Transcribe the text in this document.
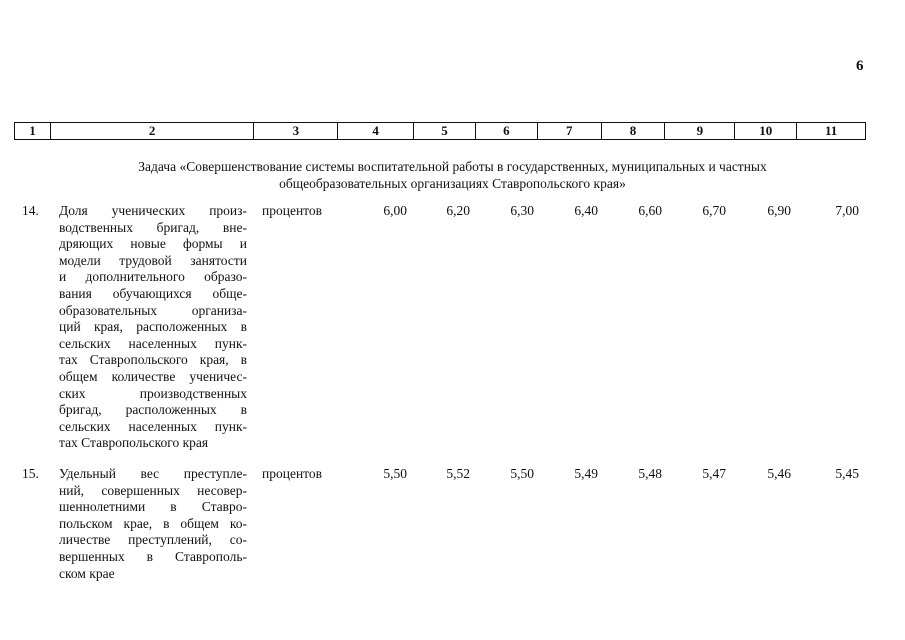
6
1	2	3	4	5	6	7	8	9	10	11
Задача «Совершенствование системы воспитательной работы в государственных, муниципальных и частных
общеобразовательных организациях Ставропольского края»
14. Доля ученических произ-
водственных бригад, вне-
дряющих новые формы и
модели трудовой занятости
и дополнительного образо-
вания обучающихся обще-
образовательных организа-
ций края, расположенных в
сельских населенных пунк-
тах Ставропольского края, в
общем количестве ученичес-
ских производственных
бригад, расположенных в
сельских населенных пунк-
тах Ставропольского края
процентов	6,00	6,20	6,30	6,40	6,60	6,70	6,90	7,00
15. Удельный вес преступле-
ний, совершенных несовер-
шеннолетними в Ставро-
польском крае, в общем ко-
личестве преступлений, со-
вершенных в Ставрополь-
ском крае
процентов	5,50	5,52	5,50	5,49	5,48	5,47	5,46	5,45
